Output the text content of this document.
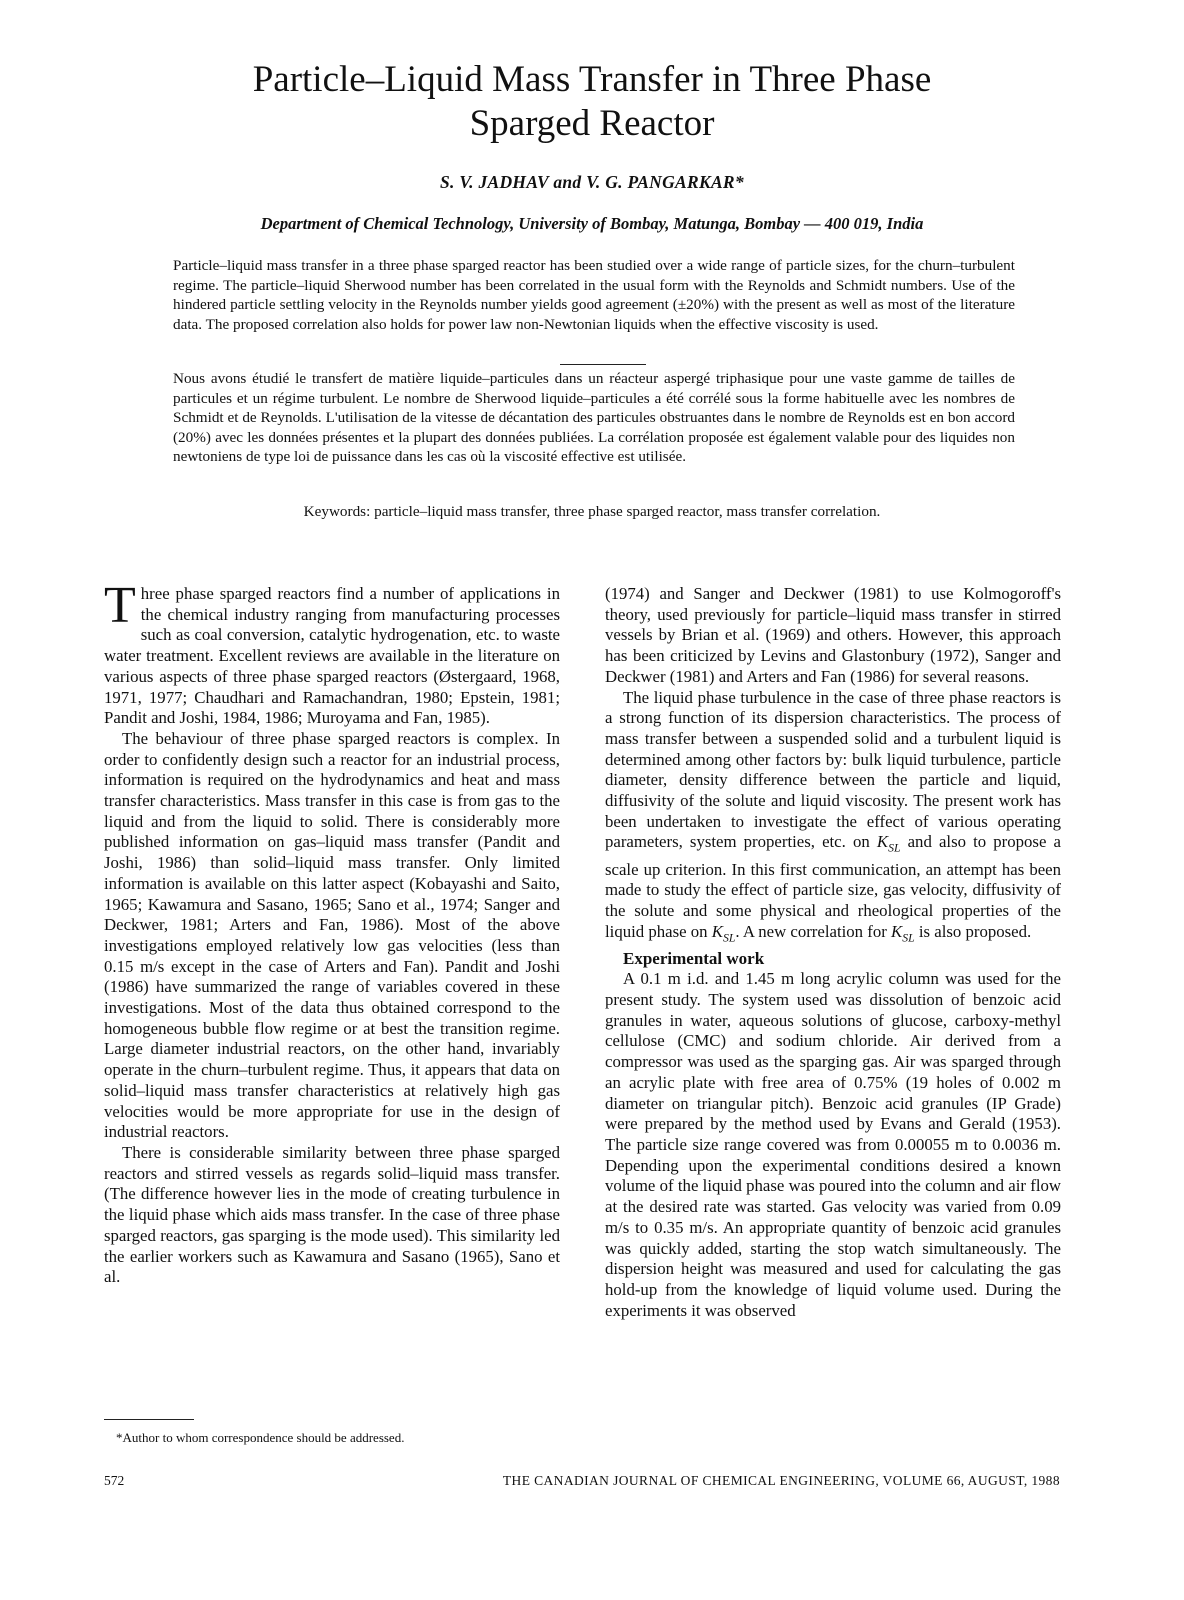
Particle–Liquid Mass Transfer in Three Phase
Sparged Reactor
S. V. JADHAV and V. G. PANGARKAR*
Department of Chemical Technology, University of Bombay, Matunga, Bombay — 400 019, India

Particle–liquid mass transfer in a three phase sparged reactor has been studied over a wide range of particle sizes, for the churn–turbulent regime. The particle–liquid Sherwood number has been correlated in the usual form with the Reynolds and Schmidt numbers. Use of the hindered particle settling velocity in the Reynolds number yields good agreement (±20%) with the present as well as most of the literature data. The proposed correlation also holds for power law non-Newtonian liquids when the effective viscosity is used.

Nous avons étudié le transfert de matière liquide–particules dans un réacteur aspergé triphasique pour une vaste gamme de tailles de particules et un régime turbulent. Le nombre de Sherwood liquide–particules a été corrélé sous la forme habituelle avec les nombres de Schmidt et de Reynolds. L'utilisation de la vitesse de décantation des particules obstruantes dans le nombre de Reynolds est en bon accord (20%) avec les données présentes et la plupart des données publiées. La corrélation proposée est également valable pour des liquides non newtoniens de type loi de puissance dans les cas où la viscosité effective est utilisée.

Keywords: particle–liquid mass transfer, three phase sparged reactor, mass transfer correlation.

Three phase sparged reactors find a number of applications in the chemical industry ranging from manufacturing processes such as coal conversion, catalytic hydrogenation, etc. to waste water treatment. Excellent reviews are available in the literature on various aspects of three phase sparged reactors (Østergaard, 1968, 1971, 1977; Chaudhari and Ramachandran, 1980; Epstein, 1981; Pandit and Joshi, 1984, 1986; Muroyama and Fan, 1985).

The behaviour of three phase sparged reactors is complex. In order to confidently design such a reactor for an industrial process, information is required on the hydrodynamics and heat and mass transfer characteristics. Mass transfer in this case is from gas to the liquid and from the liquid to solid. There is considerably more published information on gas–liquid mass transfer (Pandit and Joshi, 1986) than solid–liquid mass transfer. Only limited information is available on this latter aspect (Kobayashi and Saito, 1965; Kawamura and Sasano, 1965; Sano et al., 1974; Sanger and Deckwer, 1981; Arters and Fan, 1986). Most of the above investigations employed relatively low gas velocities (less than 0.15 m/s except in the case of Arters and Fan). Pandit and Joshi (1986) have summarized the range of variables covered in these investigations. Most of the data thus obtained correspond to the homogeneous bubble flow regime or at best the transition regime. Large diameter industrial reactors, on the other hand, invariably operate in the churn–turbulent regime. Thus, it appears that data on solid–liquid mass transfer characteristics at relatively high gas velocities would be more appropriate for use in the design of industrial reactors.

There is considerable similarity between three phase sparged reactors and stirred vessels as regards solid–liquid mass transfer. (The difference however lies in the mode of creating turbulence in the liquid phase which aids mass transfer. In the case of three phase sparged reactors, gas sparging is the mode used). This similarity led the earlier workers such as Kawamura and Sasano (1965), Sano et al.

(1974) and Sanger and Deckwer (1981) to use Kolmogoroff's theory, used previously for particle–liquid mass transfer in stirred vessels by Brian et al. (1969) and others. However, this approach has been criticized by Levins and Glastonbury (1972), Sanger and Deckwer (1981) and Arters and Fan (1986) for several reasons.

The liquid phase turbulence in the case of three phase reactors is a strong function of its dispersion characteristics. The process of mass transfer between a suspended solid and a turbulent liquid is determined among other factors by: bulk liquid turbulence, particle diameter, density difference between the particle and liquid, diffusivity of the solute and liquid viscosity. The present work has been undertaken to investigate the effect of various operating parameters, system properties, etc. on $K_{SL}$ and also to propose a scale up criterion. In this first communication, an attempt has been made to study the effect of particle size, gas velocity, diffusivity of the solute and some physical and rheological properties of the liquid phase on $K_{SL}$. A new correlation for $K_{SL}$ is also proposed.

Experimental work

A 0.1 m i.d. and 1.45 m long acrylic column was used for the present study. The system used was dissolution of benzoic acid granules in water, aqueous solutions of glucose, carboxy-methyl cellulose (CMC) and sodium chloride. Air derived from a compressor was used as the sparging gas. Air was sparged through an acrylic plate with free area of 0.75% (19 holes of 0.002 m diameter on triangular pitch). Benzoic acid granules (IP Grade) were prepared by the method used by Evans and Gerald (1953). The particle size range covered was from 0.00055 m to 0.0036 m. Depending upon the experimental conditions desired a known volume of the liquid phase was poured into the column and air flow at the desired rate was started. Gas velocity was varied from 0.09 m/s to 0.35 m/s. An appropriate quantity of benzoic acid granules was quickly added, starting the stop watch simultaneously. The dispersion height was measured and used for calculating the gas hold-up from the knowledge of liquid volume used. During the experiments it was observed

*Author to whom correspondence should be addressed.
572	THE CANADIAN JOURNAL OF CHEMICAL ENGINEERING, VOLUME 66, AUGUST, 1988
